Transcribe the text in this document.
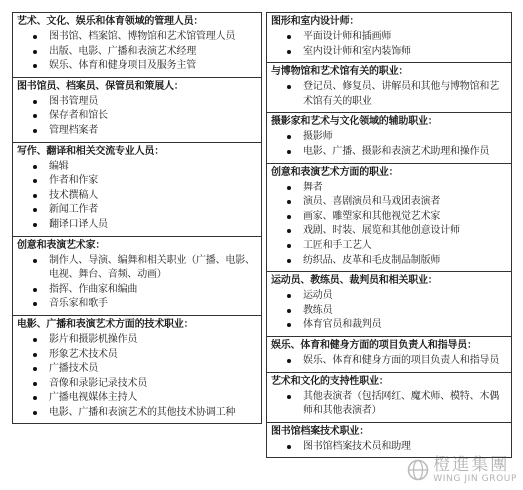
艺术、文化、娱乐和体育领域的管理人员：
图书馆、档案馆、博物馆和艺术馆管理人员
出版、电影、广播和表演艺术经理
娱乐、体育和健身项目及服务主管
图书馆员、档案员、保管员和策展人：
图书管理员
保存者和馆长
管理档案者
写作、翻译和相关交流专业人员：
编辑
作者和作家
技术撰稿人
新闻工作者
翻译口译人员
创意和表演艺术家：
制作人、导演、编舞和相关职业（广播、电影、电视、舞台、音频、动画）
指挥、作曲家和编曲
音乐家和歌手
电影、广播和表演艺术方面的技术职业：
影片和摄影机操作员
形象艺术技术员
广播技术员
音像和录影记录技术员
广播电视媒体主持人
电影、广播和表演艺术的其他技术协调工种
图形和室内设计师：
平面设计师和插画师
室内设计师和室内装饰师
与博物馆和艺术馆有关的职业：
登记员、修复员、讲解员和其他与博物馆和艺术馆有关的职业
摄影家和艺术与文化领域的辅助职业：
摄影师
电影、广播、摄影和表演艺术助理和操作员
创意和表演艺术方面的职业：
舞者
演员、喜剧演员和马戏团表演者
画家、雕塑家和其他视觉艺术家
戏剧、时装、展览和其他创意设计师
工匠和手工艺人
纺织品、皮革和毛皮制品制版师
运动员、教练员、裁判员和相关职业：
运动员
教练员
体育官员和裁判员
娱乐、体育和健身方面的项目负责人和指导员：
娱乐、体育和健身方面的项目负责人和指导员
艺术和文化的支持性职业：
其他表演者（包括网红、魔术师、模特、木偶师和其他表演者）
图书馆档案技术职业：
图书馆档案技术员和助理
橙進集團
WING JIN GROUP
